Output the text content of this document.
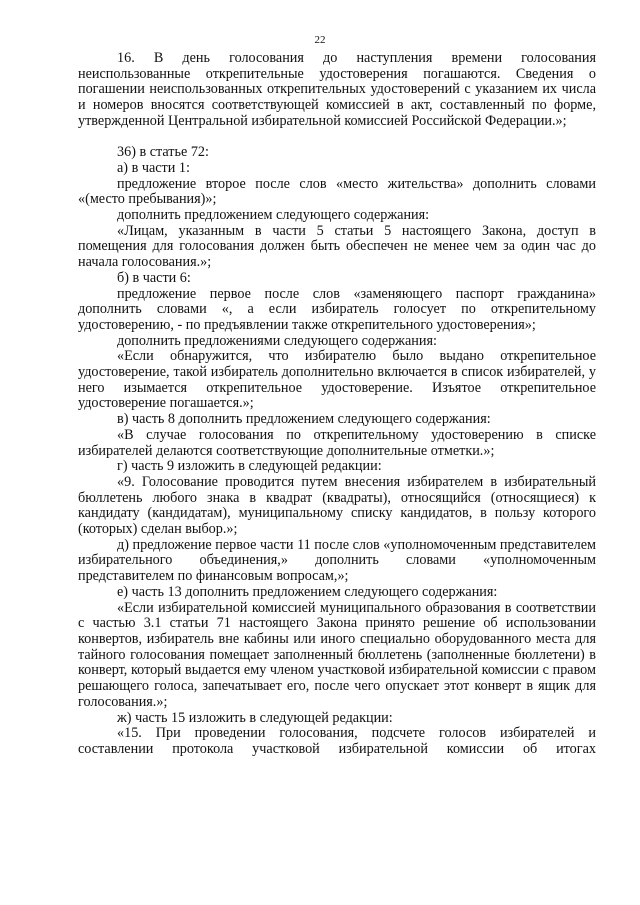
22

16. В день голосования до наступления времени голосования неиспользованные открепительные удостоверения погашаются. Сведения о погашении неиспользованных открепительных удостоверений с указанием их числа и номеров вносятся соответствующей комиссией в акт, составленный по форме, утвержденной Центральной избирательной комиссией Российской Федерации.»;

36) в статье 72:

а) в части 1:

предложение второе после слов «место жительства» дополнить словами «(место пребывания)»;

дополнить предложением следующего содержания:

«Лицам, указанным в части 5 статьи 5 настоящего Закона, доступ в помещения для голосования должен быть обеспечен не менее чем за один час до начала голосования.»;

б) в части 6:

предложение первое после слов «заменяющего паспорт гражданина» дополнить словами «, а если избиратель голосует по открепительному удостоверению, - по предъявлении также открепительного удостоверения»;

дополнить предложениями следующего содержания:

«Если обнаружится, что избирателю было выдано открепительное удостоверение, такой избиратель дополнительно включается в список избирателей, у него изымается открепительное удостоверение. Изъятое открепительное удостоверение погашается.»;

в) часть 8 дополнить предложением следующего содержания:

«В случае голосования по открепительному удостоверению в списке избирателей делаются соответствующие дополнительные отметки.»;

г) часть 9 изложить в следующей редакции:

«9. Голосование проводится путем внесения избирателем в избирательный бюллетень любого знака в квадрат (квадраты), относящийся (относящиеся) к кандидату (кандидатам), муниципальному списку кандидатов, в пользу которого (которых) сделан выбор.»;

д) предложение первое части 11 после слов «уполномоченным представителем избирательного объединения,» дополнить словами «уполномоченным представителем по финансовым вопросам,»;

е) часть 13 дополнить предложением следующего содержания:

«Если избирательной комиссией муниципального образования в соответствии с частью 3.1 статьи 71 настоящего Закона принято решение об использовании конвертов, избиратель вне кабины или иного специально оборудованного места для тайного голосования помещает заполненный бюллетень (заполненные бюллетени) в конверт, который выдается ему членом участковой избирательной комиссии с правом решающего голоса, запечатывает его, после чего опускает этот конверт в ящик для голосования.»;

ж) часть 15 изложить в следующей редакции:

«15. При проведении голосования, подсчете голосов избирателей и составлении протокола участковой избирательной комиссии об итогах
